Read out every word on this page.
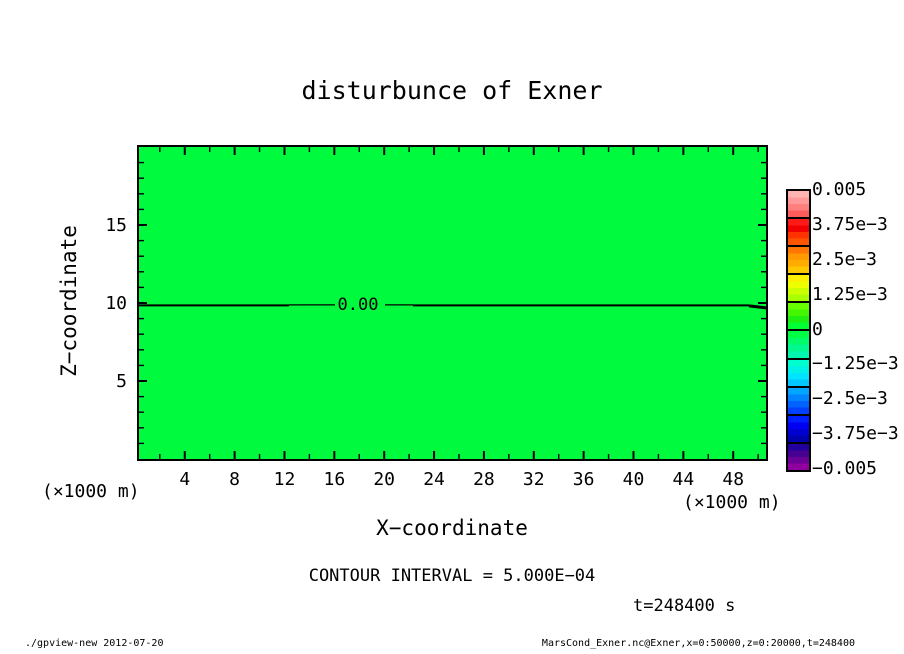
disturbunce of Exner
0.00
Z−coordinate
X−coordinate
(×1000 m)
(×1000 m)
CONTOUR INTERVAL = 5.000E−04
t=248400 s
0.005
3.75e−3
2.5e−3
1.25e−3
0
−1.25e−3
−2.5e−3
−3.75e−3
−0.005
4	8	12	16	20	24	28	32	36	40	44	48
5
10
15
./gpview-new 2012-07-20	MarsCond_Exner.nc@Exner,x=0:50000,z=0:20000,t=248400
